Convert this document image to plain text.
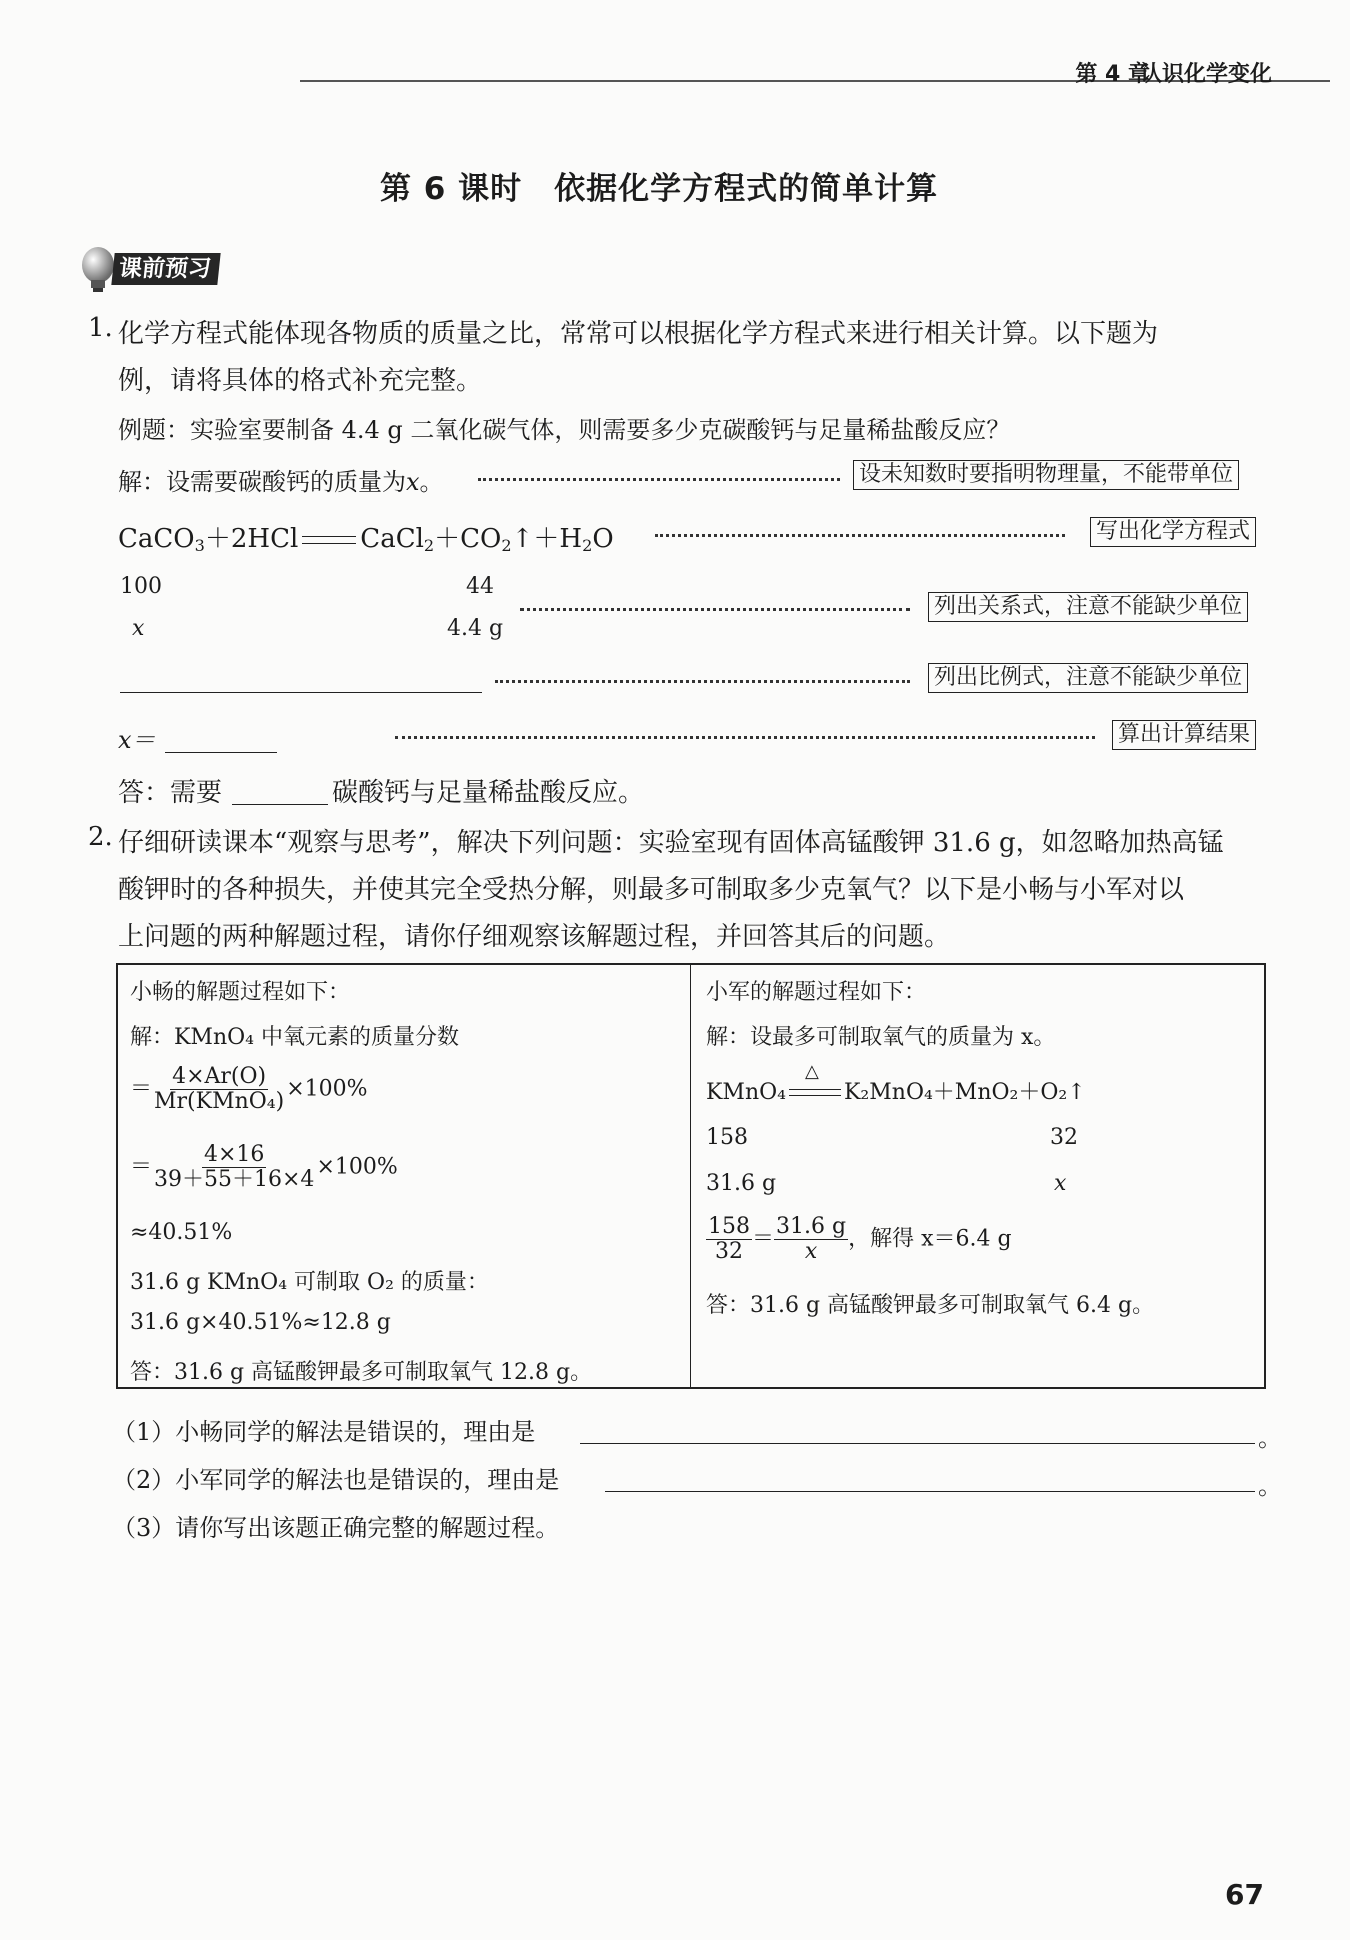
第 4 章
认识化学变化
第 6 课时　依据化学方程式的简单计算
课前预习
1. 化学方程式能体现各物质的质量之比，常常可以根据化学方程式来进行相关计算。以下题为
例，请将具体的格式补充完整。
例题：实验室要制备 4.4 g 二氧化碳气体，则需要多少克碳酸钙与足量稀盐酸反应？
解：设需要碳酸钙的质量为x。	设未知数时要指明物理量，不能带单位
CaCO$_3$＋2HCl $CaCl_2+CO_2↑+H_2O$	写出化学方程式
100	44
x	4.4 g
列出关系式，注意不能缺少单位
列出比例式，注意不能缺少单位
x＝	算出计算结果
答：需要	碳酸钙与足量稀盐酸反应。
2. 仔细研读课本“观察与思考”，解决下列问题：实验室现有固体高锰酸钾 31.6 g，如忽略加热高锰
酸钾时的各种损失，并使其完全受热分解，则最多可制取多少克氧气？以下是小畅与小军对以
上问题的两种解题过程，请你仔细观察该解题过程，并回答其后的问题。
小畅的解题过程如下：
解：KMnO₄ 中氧元素的质量分数
＝ $\frac{4\times Ar(O)}{\text{Mr(KMnO₄)}} \times 100\%$
＝ $\frac{4\times 16}{39+55+16\times 4} \times 100\%$
≈40.51%
31.6 g KMnO₄ 可制取 O₂ 的质量：
31.6 g×40.51%≈12.8 g
答：31.6 g 高锰酸钾最多可制取氧气 12.8 g。
小军的解题过程如下：
解：设最多可制取氧气的质量为 x。
KMnO₄
△
K₂MnO₄＋MnO₂＋O₂↑
158	32
31.6 g	x
$\frac{158}{32} = \frac{31.6 g}{x}$ ，解得 x＝6.4 g
答：31.6 g 高锰酸钾最多可制取氧气 6.4 g。
（1）小畅同学的解法是错误的，理由是	。
（2）小军同学的解法也是错误的，理由是	。
（3）请你写出该题正确完整的解题过程。
67
